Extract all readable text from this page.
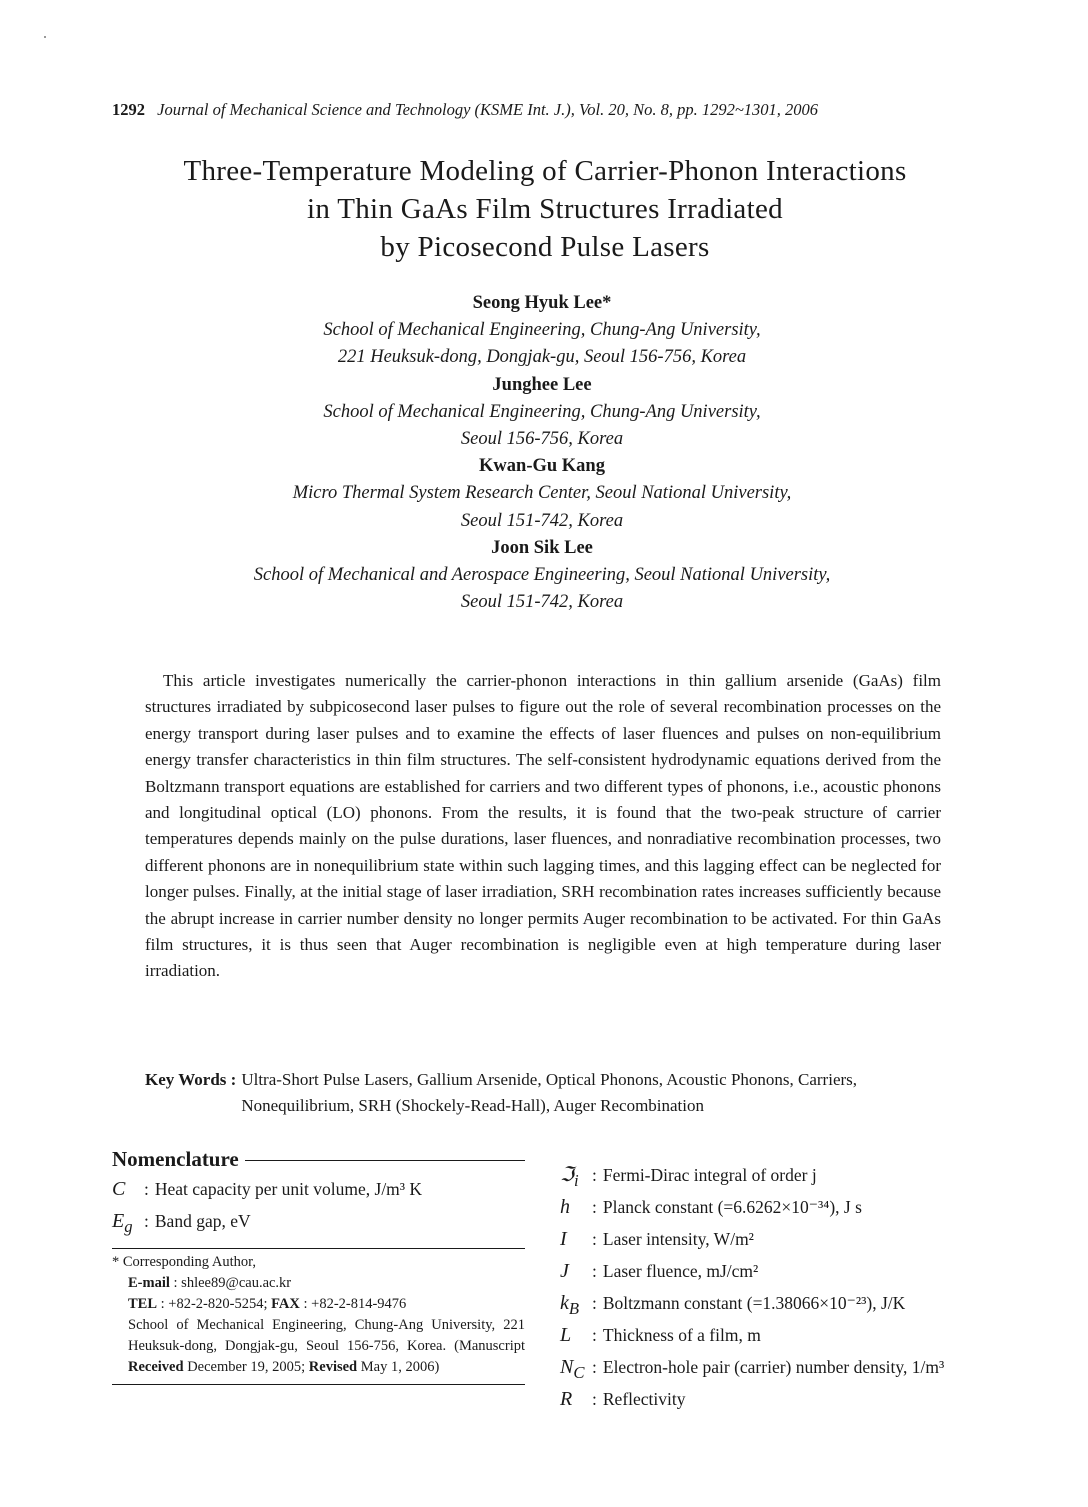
1292 Journal of Mechanical Science and Technology (KSME Int. J.), Vol. 20, No. 8, pp. 1292~1301, 2006
Three-Temperature Modeling of Carrier-Phonon Interactions
in Thin GaAs Film Structures Irradiated
by Picosecond Pulse Lasers
Seong Hyuk Lee*
School of Mechanical Engineering, Chung-Ang University,
221 Heuksuk-dong, Dongjak-gu, Seoul 156-756, Korea
Junghee Lee
School of Mechanical Engineering, Chung-Ang University,
Seoul 156-756, Korea
Kwan-Gu Kang
Micro Thermal System Research Center, Seoul National University,
Seoul 151-742, Korea
Joon Sik Lee
School of Mechanical and Aerospace Engineering, Seoul National University,
Seoul 151-742, Korea
This article investigates numerically the carrier-phonon interactions in thin gallium arsenide (GaAs) film structures irradiated by subpicosecond laser pulses to figure out the role of several recombination processes on the energy transport during laser pulses and to examine the effects of laser fluences and pulses on non-equilibrium energy transfer characteristics in thin film structures. The self-consistent hydrodynamic equations derived from the Boltzmann transport equations are established for carriers and two different types of phonons, i.e., acoustic phonons and longitudinal optical (LO) phonons. From the results, it is found that the two-peak structure of carrier temperatures depends mainly on the pulse durations, laser fluences, and nonradiative recombination processes, two different phonons are in nonequilibrium state within such lagging times, and this lagging effect can be neglected for longer pulses. Finally, at the initial stage of laser irradiation, SRH recombination rates increases sufficiently because the abrupt increase in carrier number density no longer permits Auger recombination to be activated. For thin GaAs film structures, it is thus seen that Auger recombination is negligible even at high temperature during laser irradiation.
Key Words : Ultra-Short Pulse Lasers, Gallium Arsenide, Optical Phonons, Acoustic Phonons, Carriers, Nonequilibrium, SRH (Shockely-Read-Hall), Auger Recombination
Nomenclature
C	: Heat capacity per unit volume, J/m³ K
$E_g$ : Band gap, eV
* Corresponding Author,
E-mail : shlee89@cau.ac.kr
TEL : +82-2-820-5254; FAX : +82-2-814-9476
School of Mechanical Engineering, Chung-Ang University, 221 Heuksuk-dong, Dongjak-gu, Seoul 156-756, Korea. (Manuscript Received December 19, 2005; Revised May 1, 2006)
ℑ$_i$ : Fermi-Dirac integral of order j
h	: Planck constant (=6.6262×10⁻³⁴), J s
I	: Laser intensity, W/m²
J	: Laser fluence, mJ/cm²
$k_B$ : Boltzmann constant (=1.38066×10⁻²³), J/K
L	: Thickness of a film, m
$N_C$ : Electron-hole pair (carrier) number density, 1/m³
R	: Reflectivity
